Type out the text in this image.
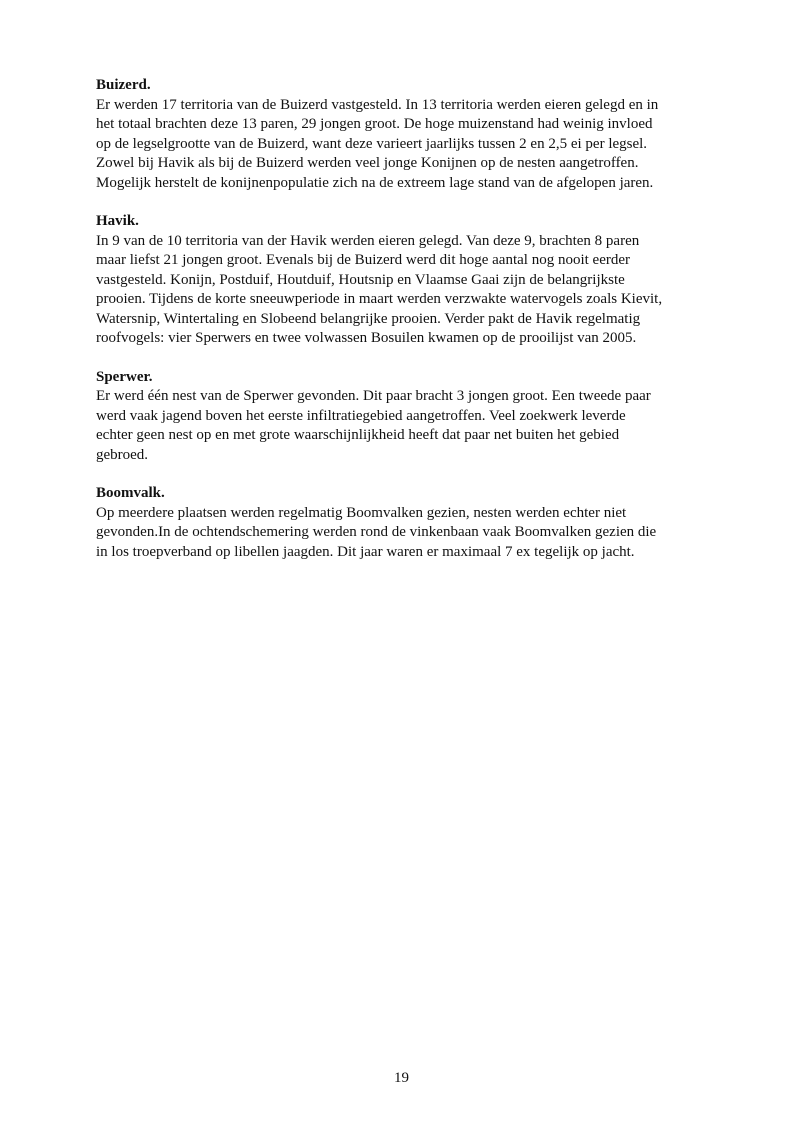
Buizerd.

Er werden 17 territoria van de Buizerd vastgesteld. In 13 territoria werden eieren gelegd en in

het totaal brachten deze 13 paren, 29 jongen groot. De hoge muizenstand had weinig invloed

op de legselgrootte van de Buizerd, want deze varieert jaarlijks tussen 2 en 2,5 ei per legsel.

Zowel bij Havik als bij de Buizerd werden veel jonge Konijnen op de nesten aangetroffen.

Mogelijk herstelt de konijnenpopulatie zich na de extreem lage stand van de afgelopen jaren.

Havik.

In 9 van de 10 territoria van der Havik werden eieren gelegd. Van deze 9, brachten 8 paren

maar liefst 21 jongen groot. Evenals bij de Buizerd werd dit hoge aantal nog nooit eerder

vastgesteld. Konijn, Postduif, Houtduif, Houtsnip en Vlaamse Gaai zijn de belangrijkste

prooien. Tijdens de korte sneeuwperiode in maart werden verzwakte watervogels zoals Kievit,

Watersnip, Wintertaling en Slobeend belangrijke prooien. Verder pakt de Havik regelmatig

roofvogels: vier Sperwers en twee volwassen Bosuilen kwamen op de prooilijst van 2005.

Sperwer.

Er werd één nest van de Sperwer gevonden. Dit paar bracht 3 jongen groot. Een tweede paar

werd vaak jagend boven het eerste infiltratiegebied aangetroffen. Veel zoekwerk leverde

echter geen nest op en met grote waarschijnlijkheid heeft dat paar net buiten het gebied

gebroed.

Boomvalk.

Op meerdere plaatsen werden regelmatig Boomvalken gezien, nesten werden echter niet

gevonden.In de ochtendschemering werden rond de vinkenbaan vaak Boomvalken gezien die

in los troepverband op libellen jaagden. Dit jaar waren er maximaal 7 ex tegelijk op jacht.

19
